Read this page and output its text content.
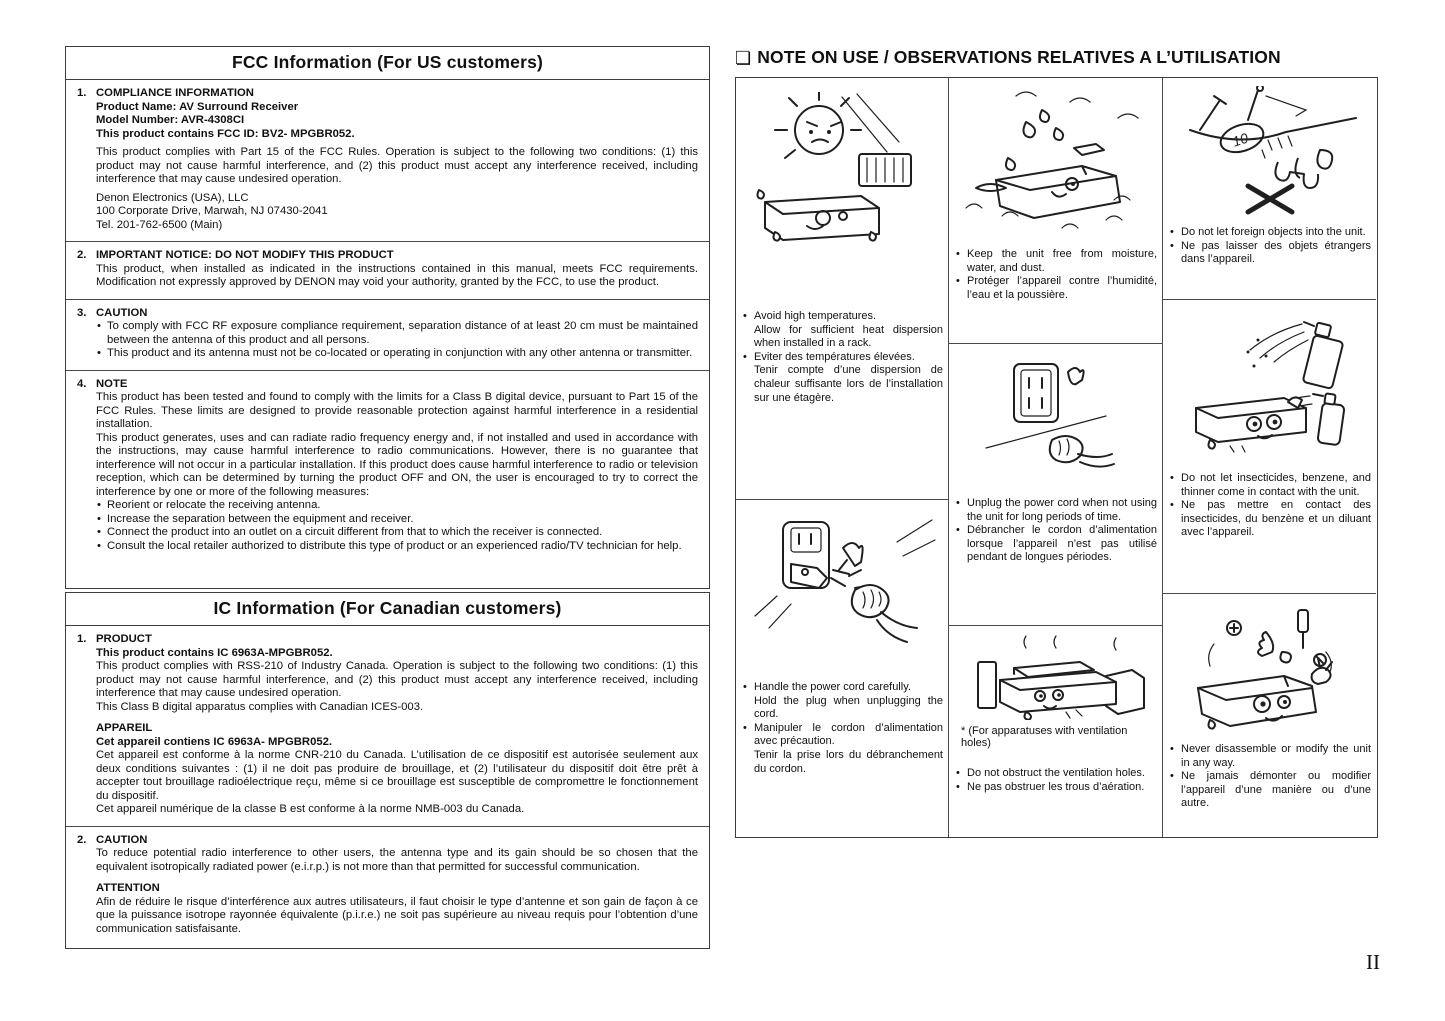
FCC Information (For US customers)
1. COMPLIANCE INFORMATION
Product Name: AV Surround Receiver
Model Number: AVR-4308CI
This product contains FCC ID: BV2- MPGBR052.
This product complies with Part 15 of the FCC Rules. Operation is subject to the following two conditions: (1) this product may not cause harmful interference, and (2) this product must accept any interference received, including interference that may cause undesired operation.
Denon Electronics (USA), LLC
100 Corporate Drive, Marwah, NJ 07430-2041
Tel. 201-762-6500 (Main)
2. IMPORTANT NOTICE: DO NOT MODIFY THIS PRODUCT
This product, when installed as indicated in the instructions contained in this manual, meets FCC requirements. Modification not expressly approved by DENON may void your authority, granted by the FCC, to use the product.
3. CAUTION
• To comply with FCC RF exposure compliance requirement, separation distance of at least 20 cm must be maintained between the antenna of this product and all persons.
• This product and its antenna must not be co-located or operating in conjunction with any other antenna or transmitter.
4. NOTE
This product has been tested and found to comply with the limits for a Class B digital device, pursuant to Part 15 of the FCC Rules. These limits are designed to provide reasonable protection against harmful interference in a residential installation.
This product generates, uses and can radiate radio frequency energy and, if not installed and used in accordance with the instructions, may cause harmful interference to radio communications. However, there is no guarantee that interference will not occur in a particular installation. If this product does cause harmful interference to radio or television reception, which can be determined by turning the product OFF and ON, the user is encouraged to try to correct the interference by one or more of the following measures:
• Reorient or relocate the receiving antenna.
• Increase the separation between the equipment and receiver.
• Connect the product into an outlet on a circuit different from that to which the receiver is connected.
• Consult the local retailer authorized to distribute this type of product or an experienced radio/TV technician for help.
IC Information (For Canadian customers)
1. PRODUCT
This product contains IC 6963A-MPGBR052.
This product complies with RSS-210 of Industry Canada. Operation is subject to the following two conditions: (1) this product may not cause harmful interference, and (2) this product must accept any interference received, including interference that may cause undesired operation.
This Class B digital apparatus complies with Canadian ICES-003.
APPAREIL
Cet appareil contiens IC 6963A- MPGBR052.
Cet appareil est conforme à la norme CNR-210 du Canada. L’utilisation de ce dispositif est autorisée seulement aux deux conditions suivantes : (1) il ne doit pas produire de brouillage, et (2) l’utilisateur du dispositif doit être prêt à accepter tout brouillage radioélectrique reçu, même si ce brouillage est susceptible de compromettre le fonctionnement du dispositif.
Cet appareil numérique de la classe B est conforme à la norme NMB-003 du Canada.
2. CAUTION
To reduce potential radio interference to other users, the antenna type and its gain should be so chosen that the equivalent isotropically radiated power (e.i.r.p.) is not more than that permitted for successful communication.
ATTENTION
Afin de réduire le risque d’interférence aux autres utilisateurs, il faut choisir le type d’antenne et son gain de façon à ce que la puissance isotrope rayonnée équivalente (p.i.r.e.) ne soit pas supérieure au niveau requis pour l’obtention d’une communication satisfaisante.
❏ NOTE ON USE / OBSERVATIONS RELATIVES A L’UTILISATION
• Avoid high temperatures.
Allow for sufficient heat dispersion when installed in a rack.
• Eviter des températures élevées.
Tenir compte d’une dispersion de chaleur suffisante lors de l’installation sur une étagère.
• Handle the power cord carefully.
Hold the plug when unplugging the cord.
• Manipuler le cordon d’alimentation avec précaution.
Tenir la prise lors du débranchement du cordon.
• Keep the unit free from moisture, water, and dust.
• Protéger l’appareil contre l’humidité, l’eau et la poussière.
• Unplug the power cord when not using the unit for long periods of time.
• Débrancher le cordon d’alimentation lorsque l’appareil n’est pas utilisé pendant de longues périodes.
* (For apparatuses with ventilation holes)
• Do not obstruct the ventilation holes.
• Ne pas obstruer les trous d’aération.
10
• Do not let foreign objects into the unit.
• Ne pas laisser des objets étrangers dans l’appareil.
• Do not let insecticides, benzene, and thinner come in contact with the unit.
• Ne pas mettre en contact des insecticides, du benzène et un diluant avec l’appareil.
• Never disassemble or modify the unit in any way.
• Ne jamais démonter ou modifier l’appareil d’une manière ou d’une autre.
II
